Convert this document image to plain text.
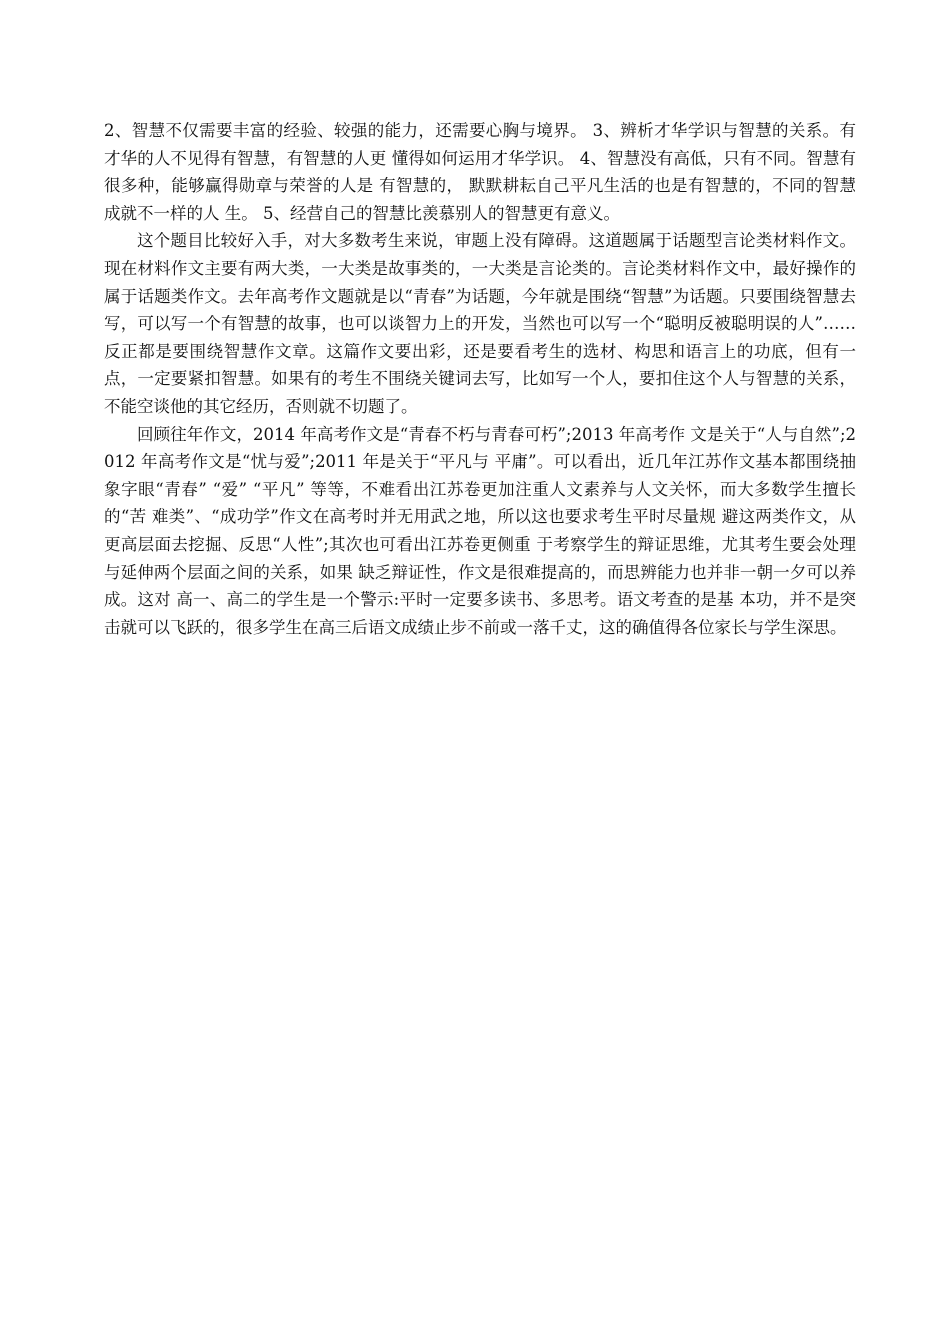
2、智慧不仅需要丰富的经验、较强的能力，还需要心胸与境界。 3、辨析才华学识与智慧的关系。有才华的人不见得有智慧，有智慧的人更 懂得如何运用才华学识。 4、智慧没有高低，只有不同。智慧有很多种，能够赢得勋章与荣誉的人是 有智慧的， 默默耕耘自己平凡生活的也是有智慧的，不同的智慧成就不一样的人 生。 5、经营自己的智慧比羡慕别人的智慧更有意义。

这个题目比较好入手，对大多数考生来说，审题上没有障碍。这道题属于话题型言论类材料作文。现在材料作文主要有两大类，一大类是故事类的，一大类是言论类的。言论类材料作文中，最好操作的属于话题类作文。去年高考作文题就是以“青春”为话题，今年就是围绕“智慧”为话题。只要围绕智慧去写，可以写一个有智慧的故事，也可以谈智力上的开发，当然也可以写一个“聪明反被聪明误的人”……反正都是要围绕智慧作文章。这篇作文要出彩，还是要看考生的选材、构思和语言上的功底，但有一点，一定要紧扣智慧。如果有的考生不围绕关键词去写，比如写一个人，要扣住这个人与智慧的关系，不能空谈他的其它经历，否则就不切题了。

回顾往年作文，2014 年高考作文是“青春不朽与青春可朽”;2013 年高考作 文是关于“人与自然”;2012 年高考作文是“忧与爱”;2011 年是关于“平凡与 平庸”。可以看出，近几年江苏作文基本都围绕抽象字眼“青春” “爱” “平凡” 等等，不难看出江苏卷更加注重人文素养与人文关怀，而大多数学生擅长的“苦 难类”、“成功学”作文在高考时并无用武之地，所以这也要求考生平时尽量规 避这两类作文，从更高层面去挖掘、反思“人性”;其次也可看出江苏卷更侧重 于考察学生的辩证思维，尤其考生要会处理与延伸两个层面之间的关系，如果 缺乏辩证性，作文是很难提高的，而思辨能力也并非一朝一夕可以养成。这对 高一、高二的学生是一个警示:平时一定要多读书、多思考。语文考查的是基 本功，并不是突击就可以飞跃的，很多学生在高三后语文成绩止步不前或一落千丈，这的确值得各位家长与学生深思。
